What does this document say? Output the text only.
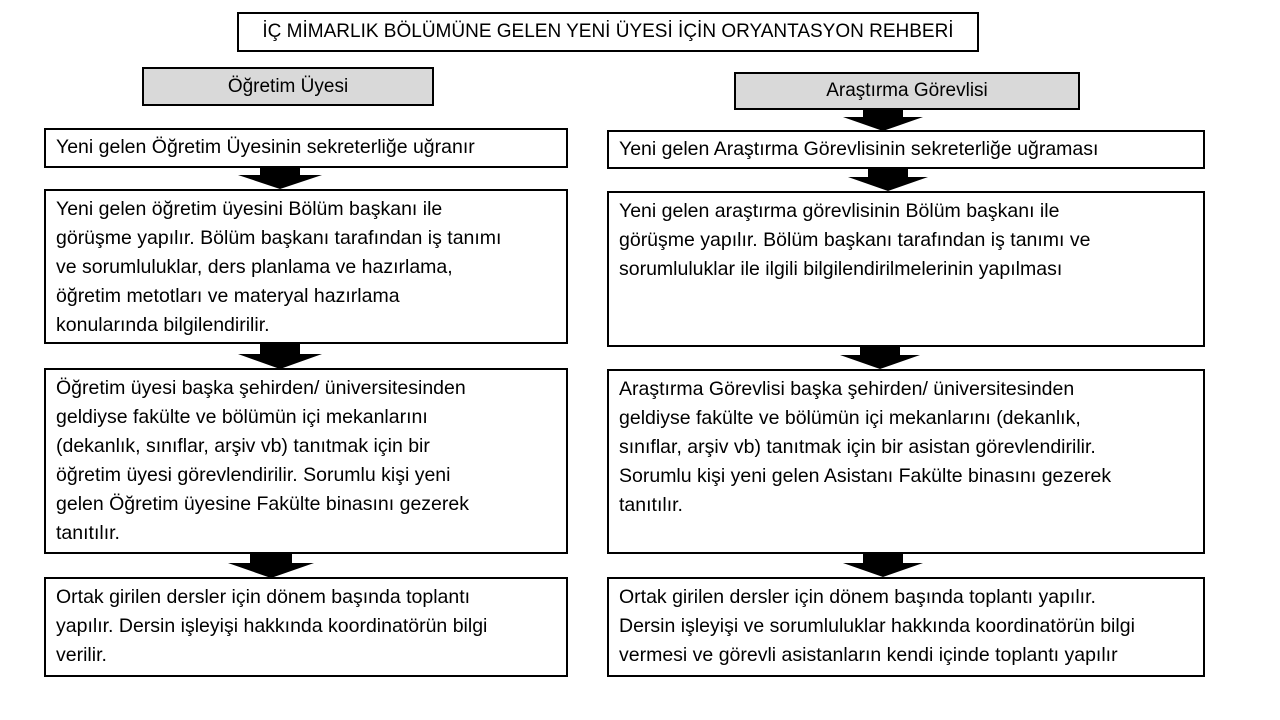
İÇ MİMARLIK BÖLÜMÜNE GELEN YENİ ÜYESİ İÇİN ORYANTASYON REHBERİ
Öğretim Üyesi	Araştırma Görevlisi
Yeni gelen Öğretim Üyesinin sekreterliğe uğranır
Yeni gelen öğretim üyesini Bölüm başkanı ile
görüşme yapılır. Bölüm başkanı tarafından iş tanımı
ve sorumluluklar, ders planlama ve hazırlama,
öğretim metotları ve materyal hazırlama
konularında bilgilendirilir.
Öğretim üyesi başka şehirden/ üniversitesinden
geldiyse fakülte ve bölümün içi mekanlarını
(dekanlık, sınıflar, arşiv vb) tanıtmak için bir
öğretim üyesi görevlendirilir. Sorumlu kişi yeni
gelen Öğretim üyesine Fakülte binasını gezerek
tanıtılır.
Ortak girilen dersler için dönem başında toplantı
yapılır. Dersin işleyişi hakkında koordinatörün bilgi
verilir.
Yeni gelen Araştırma Görevlisinin sekreterliğe uğraması
Yeni gelen araştırma görevlisinin Bölüm başkanı ile
görüşme yapılır. Bölüm başkanı tarafından iş tanımı ve
sorumluluklar ile ilgili bilgilendirilmelerinin yapılması
Araştırma Görevlisi başka şehirden/ üniversitesinden
geldiyse fakülte ve bölümün içi mekanlarını (dekanlık,
sınıflar, arşiv vb) tanıtmak için bir asistan görevlendirilir.
Sorumlu kişi yeni gelen Asistanı Fakülte binasını gezerek
tanıtılır.
Ortak girilen dersler için dönem başında toplantı yapılır.
Dersin işleyişi ve sorumluluklar hakkında koordinatörün bilgi
vermesi ve görevli asistanların kendi içinde toplantı yapılır
